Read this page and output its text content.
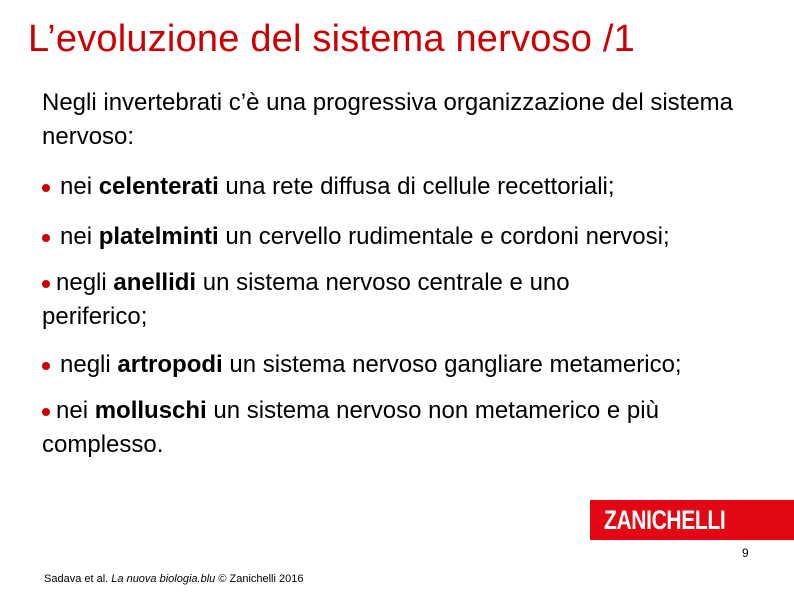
L’evoluzione del sistema nervoso /1
Negli invertebrati c’è una progressiva organizzazione del sistema nervoso:
nei celenterati una rete diffusa di cellule recettoriali;
nei platelminti un cervello rudimentale e cordoni nervosi;
negli anellidi un sistema nervoso centrale e uno periferico;
negli artropodi un sistema nervoso gangliare metamerico;
nei molluschi un sistema nervoso non metamerico e più complesso.
ZANICHELLI
9
Sadava et al. La nuova biologia.blu © Zanichelli 2016
